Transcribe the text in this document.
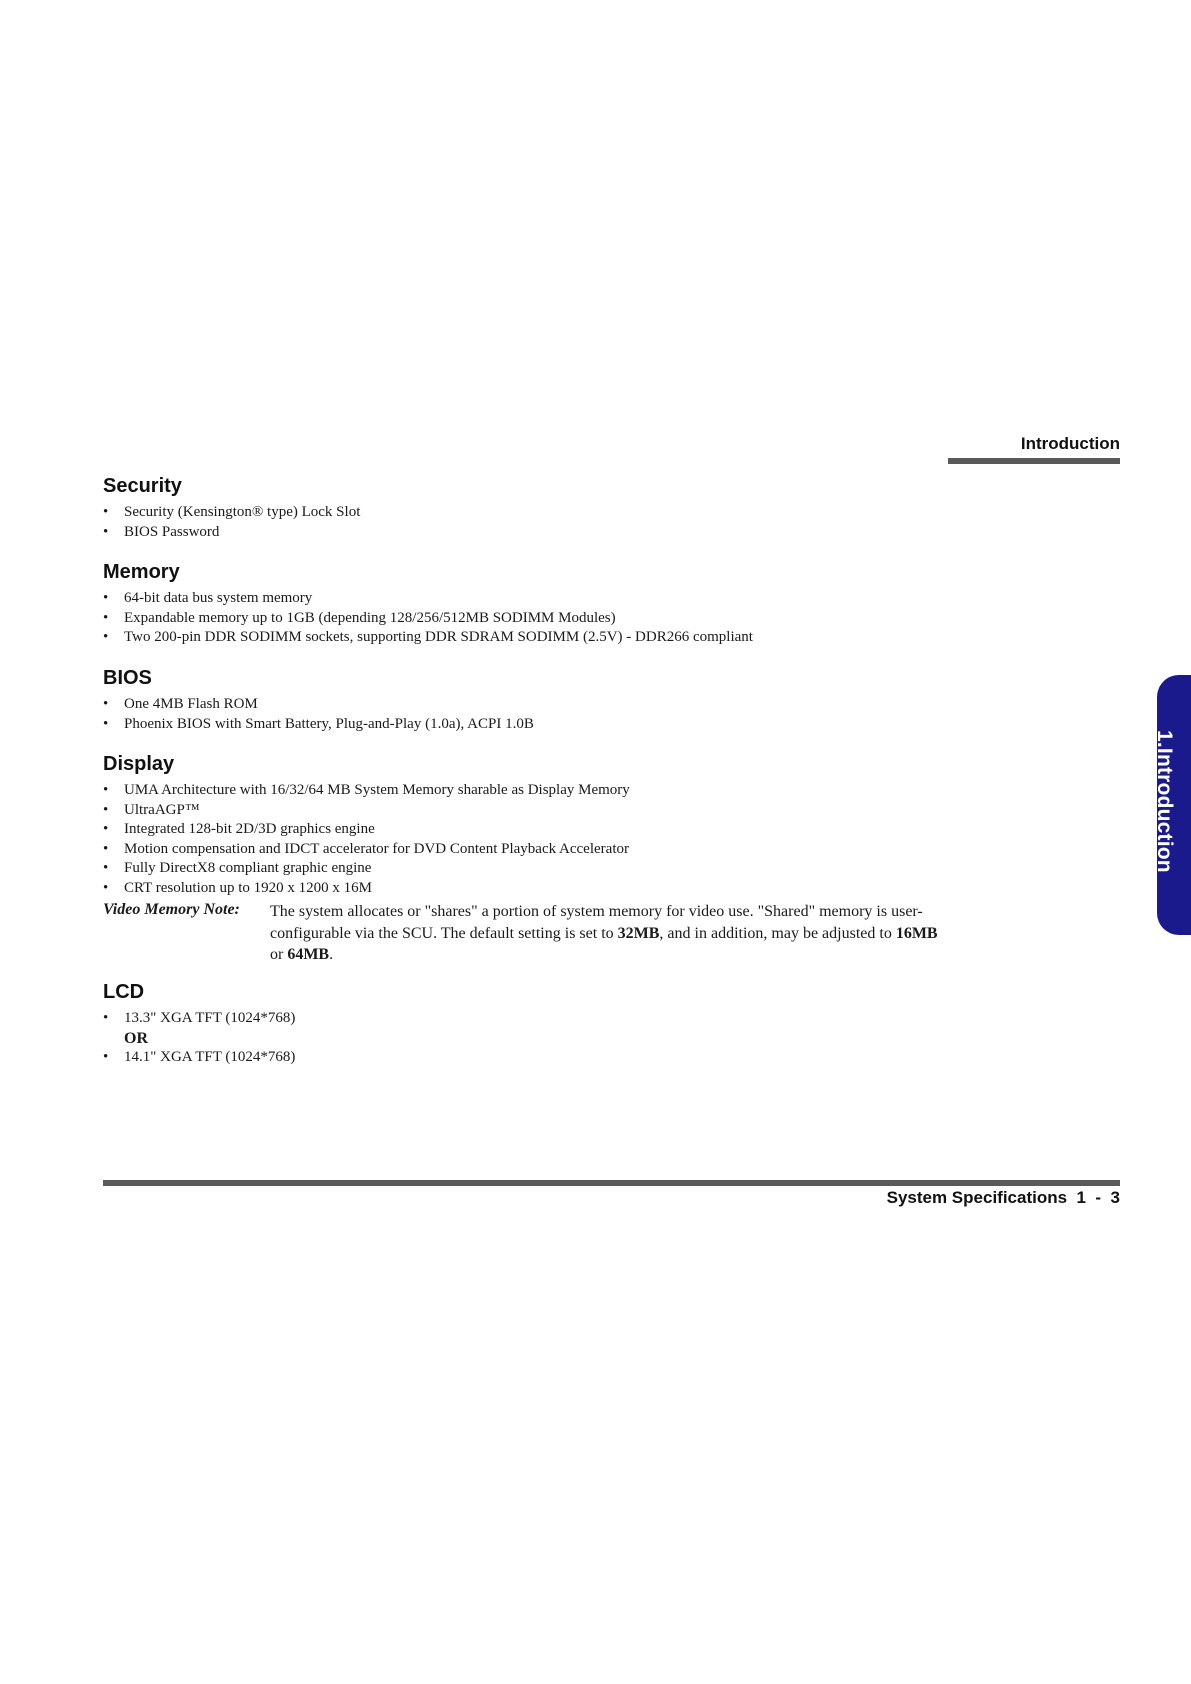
Introduction
1.Introduction
Security
• Security (Kensington® type) Lock Slot
• BIOS Password
Memory
• 64-bit data bus system memory
• Expandable memory up to 1GB (depending 128/256/512MB SODIMM Modules)
• Two 200-pin DDR SODIMM sockets, supporting DDR SDRAM SODIMM (2.5V) - DDR266 compliant
BIOS
• One 4MB Flash ROM
• Phoenix BIOS with Smart Battery, Plug-and-Play (1.0a), ACPI 1.0B
Display
• UMA Architecture with 16/32/64 MB System Memory sharable as Display Memory
• UltraAGP™
• Integrated 128-bit 2D/3D graphics engine
• Motion compensation and IDCT accelerator for DVD Content Playback Accelerator
• Fully DirectX8 compliant graphic engine
• CRT resolution up to 1920 x 1200 x 16M
Video Memory Note: The system allocates or "shares" a portion of system memory for video use. "Shared" memory is user-configurable via the SCU. The default setting is set to 32MB, and in addition, may be adjusted to 16MB or 64MB.
LCD
• 13.3" XGA TFT (1024*768)
OR
• 14.1" XGA TFT (1024*768)
System Specifications 1  -  3
